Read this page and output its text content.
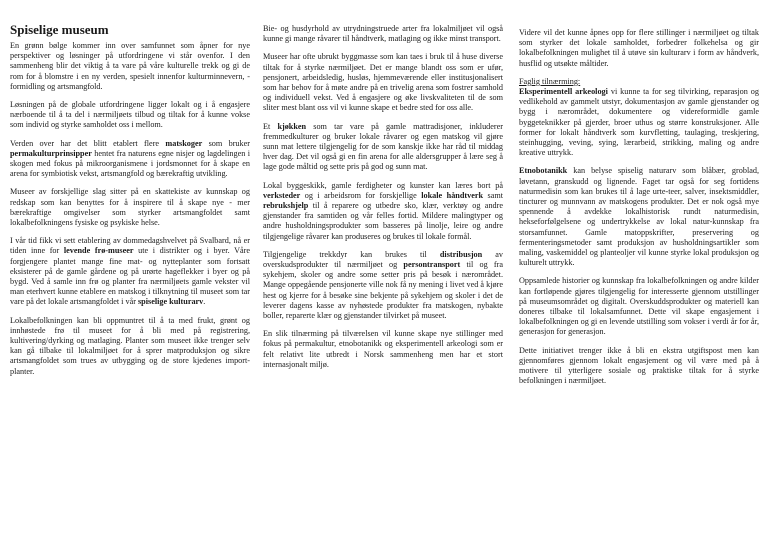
Spiselige museum

En grønn bølge kommer inn over samfunnet som åpner for nye perspektiver og løsninger på utfordringene vi står ovenfor. I den sammenheng blir det viktig å ta vare på våre kulturelle trekk og gi de rom for å blomstre i en ny verden, spesielt innenfor kulturminnevern, -formidling og artsmangfold.

Løsningen på de globale utfordringene ligger lokalt og i å engasjere nærboende til å ta del i nærmiljøets tilbud og tiltak for å kunne vokse som individ og styrke samholdet oss i mellom.

Verden over har det blitt etablert flere matskoger som bruker permakulturprinsipper hentet fra naturens egne nisjer og lagdelingen i skogen med fokus på mikroorganismene i jordsmonnet for å skape en arena for symbiotisk vekst, artsmangfold og bærekraftig utvikling.

Museer av forskjellige slag sitter på en skattekiste av kunnskap og redskap som kan benyttes for å inspirere til å skape nye - mer bærekraftige omgivelser som styrker artsmangfoldet samt lokalbefolkningens fysiske og psykiske helse.

I vår tid fikk vi sett etablering av dommedagshvelvet på Svalbard, nå er tiden inne for levende frø-museer ute i distrikter og i byer. Våre forgjengere plantet mange fine mat- og nytteplanter som fortsatt eksisterer på de gamle gårdene og på urørte hageflekker i byer og på bygd. Ved å samle inn frø og planter fra nærmiljøets gamle vekster vil man eterhvert kunne etablere en matskog i tilknytning til museet som tar vare på det lokale artsmangfoldet i vår spiselige kulturarv.

Lokalbefolkningen kan bli oppmuntret til å ta med frukt, grønt og innhøstede frø til museet for å bli med på registrering, kultivering/dyrking og matlaging. Planter som museet ikke trenger selv kan gå tilbake til lokalmiljøet for å sprer matproduksjon og sikre artsmangfoldet som trues av utbygging og de store kjedenes import-planter.

Bie- og husdyrhold av utrydningstruede arter fra lokalmiljøet vil også kunne gi mange råvarer til håndtverk, matlaging og ikke minst transport.

Museer har ofte ubrukt byggmasse som kan taes i bruk til å huse diverse tiltak for å styrke nærmiljøet. Det er mange blandt oss som er ufør, pensjonert, arbeidsledig, husløs, hjemmeværende eller institusjonalisert som har behov for å møte andre på en trivelig arena som fostrer samhold og individuell vekst. Ved å engasjere og øke livskvaliteten til de som sliter mest blant oss vil vi kunne skape et bedre sted for oss alle.

Et kjøkken som tar vare på gamle mattradisjoner, inkluderer fremmedkulturer og bruker lokale råvarer og egen matskog vil gjøre sunn mat lettere tilgjengelig for de som kanskje ikke har råd til middag hver dag. Det vil også gi en fin arena for alle aldersgrupper å lære seg å lage gode måltid og sette pris på god og sunn mat.

Lokal byggeskikk, gamle ferdigheter og kunster kan læres bort på verksteder og i arbeidsrom for forskjellige lokale håndtverk samt rebrukshjelp til å reparere og utbedre sko, klær, verktøy og andre gjenstander fra samtiden og vår felles fortid. Mildere malingtyper og andre husholdningsprodukter som basseres på linolje, leire og andre tilgjengelige råvarer kan produseres og brukes til lokale formål.

Tilgjengelige trekkdyr kan brukes til distribusjon av overskudsprodukter til nærmiljøet og persontransport til og fra sykehjem, skoler og andre some setter pris på besøk i nærområdet. Mange oppegående pensjonerte ville nok få ny mening i livet ved å kjøre hest og kjerre for å besøke sine bekjente på sykehjem og skoler i det de leverer dagens kasse av nyhøstede produkter fra matskogen, nybakte boller, reparerte klær og gjenstander tilvirket på museet.

En slik tilnærming på tilværelsen vil kunne skape nye stillinger med fokus på permakultur, etnobotanikk og eksperimentell arkeologi som er felt relativt lite utbredt i Norsk sammenheng men har et stort internasjonalt miljø.

Videre vil det kunne åpnes opp for flere stillinger i nærmiljøet og tiltak som styrker det lokale samholdet, forbedrer folkehelsa og gir lokalbefolkningen mulighet til å utøve sin kulturarv i form av håndverk, husflid og utsøkte måltider.

Faglig tilnærming:

Eksperimentell arkeologi vi kunne ta for seg tilvirking, reparasjon og vedlikehold av gammelt utstyr, dokumentasjon av gamle gjenstander og bygg i nærområdet, dokumentere og videreformidle gamle byggeteknikker på gjerder, broer uthus og større konstruksjoner. Alle former for lokalt håndtverk som kurvfletting, taulaging, treskjering, steinhugging, veving, sying, lærarbeid, strikking, maling og andre kreative uttrykk.

Etnobotanikk kan belyse spiselig naturarv som blåbær, groblad, løvetann, granskudd og lignende. Faget tar også for seg fortidens naturmedisin som kan brukes til å lage urte-teer, salver, insektsmiddler, tincturer og munnvann av matskogens produkter. Det er nok også mye spennende å avdekke lokalhistorisk rundt naturmedisin, hekseforfølgelsene og undertrykkelse av lokal natur-kunnskap fra storsamfunnet. Gamle matoppskrifter, preservering og fermenteringsmetoder samt produksjon av husholdningsartikler som maling, vaskemiddel og planteoljer vil kunne styrke lokal produksjon og kulturelt uttrykk.

Oppsamlede historier og kunnskap fra lokalbefolkningen og andre kilder kan fortløpende gjøres tilgjengelig for interesserte gjennom utstillinger på museumsområdet og digitalt. Overskuddsprodukter og materiell kan doneres tilbake til lokalsamfunnet. Dette vil skape engasjement i lokalbefolkningen og gi en levende utstilling som vokser i verdi år for år, generasjon for generasjon.

Dette initiativet trenger ikke å bli en ekstra utgiftspost men kan gjennomføres gjennom lokalt engasjement og vil være med på å motivere til ytterligere sosiale og praktiske tiltak for å styrke befolkningen i nærmiljøet.
